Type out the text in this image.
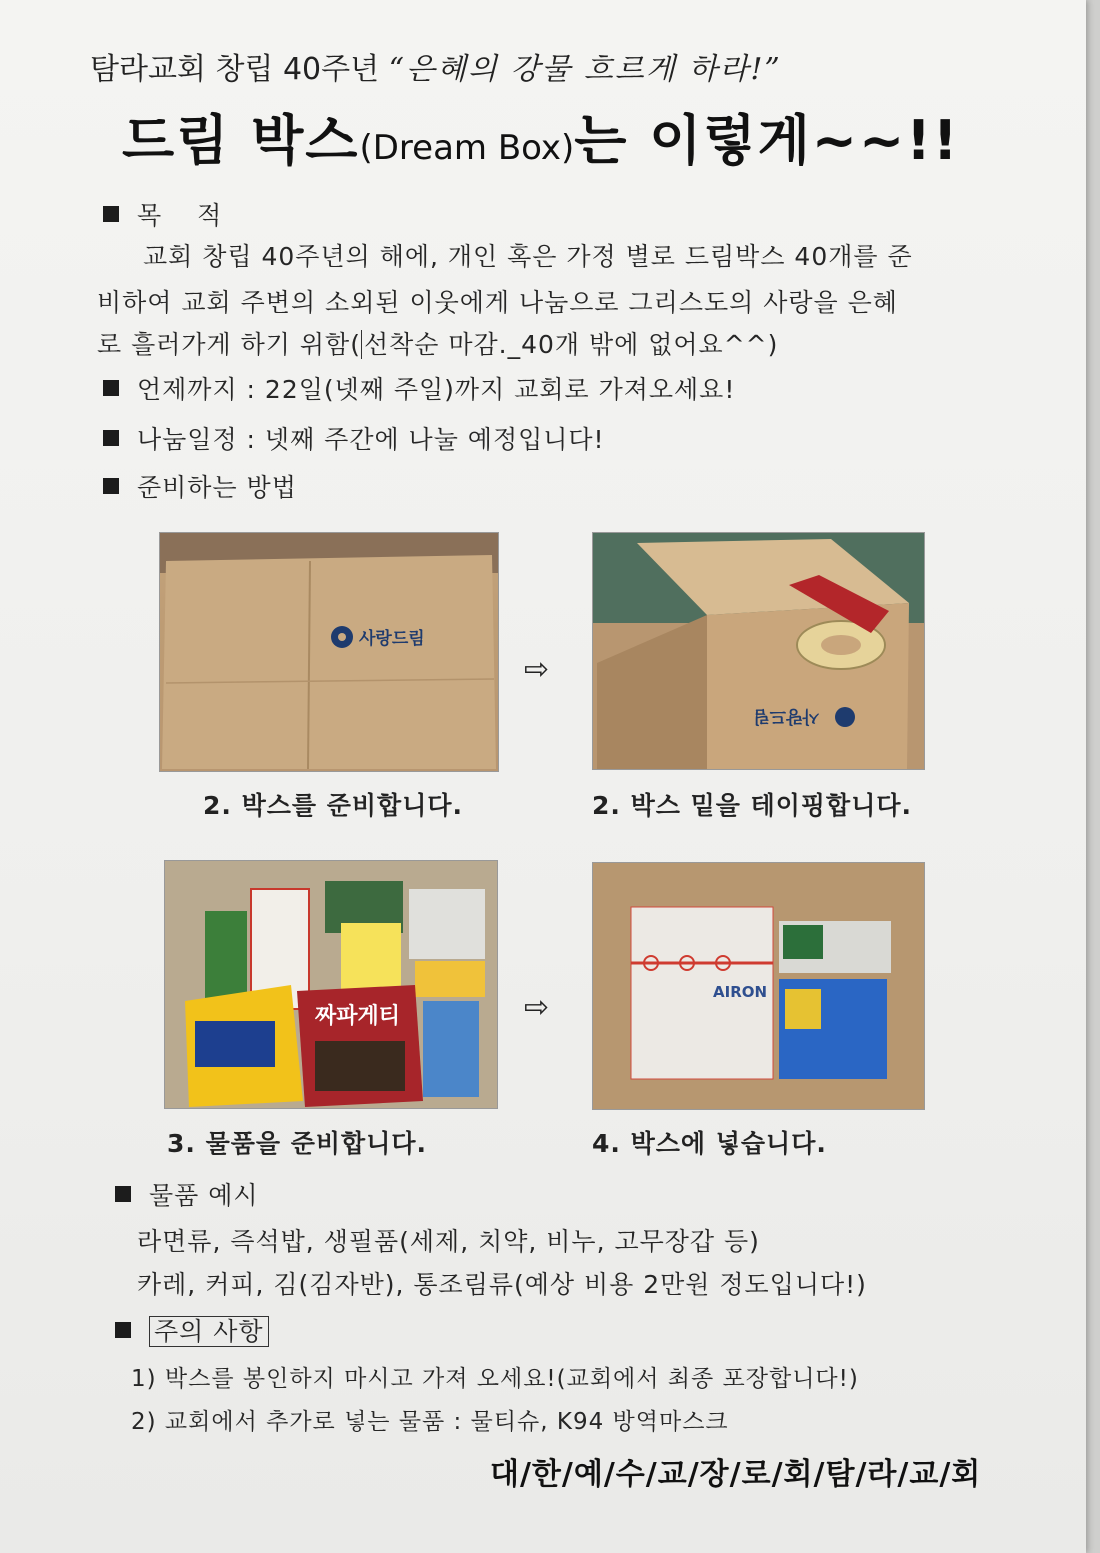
탐라교회 창립 40주년 “은혜의 강물 흐르게 하라!”
드림 박스(Dream Box)는 이렇게~~!!
목 적
교회 창립 40주년의 해에, 개인 혹은 가정 별로 드림박스 40개를 준
비하여 교회 주변의 소외된 이웃에게 나눔으로 그리스도의 사랑을 은혜
로 흘러가게 하기 위함( 선착순 마감._40개 밖에 없어요^^)
언제까지 : 22일(넷째 주일)까지 교회로 가져오세요!
나눔일정 : 넷째 주간에 나눌 예정입니다!
준비하는 방법
사랑드림
⇨
사랑드림
2. 박스를 준비합니다.	2. 박스 밑을 테이핑합니다.
짜파게티	⇨	AIRON
3. 물품을 준비합니다.	4. 박스에 넣습니다.
물품 예시
라면류, 즉석밥, 생필품(세제, 치약, 비누, 고무장갑 등)
카레, 커피, 김(김자반), 통조림류(예상 비용 2만원 정도입니다!)
주의 사항
1) 박스를 봉인하지 마시고 가져 오세요!(교회에서 최종 포장합니다!)
2) 교회에서 추가로 넣는 물품 : 물티슈, K94 방역마스크
대/한/예/수/교/장/로/회/탐/라/교/회
